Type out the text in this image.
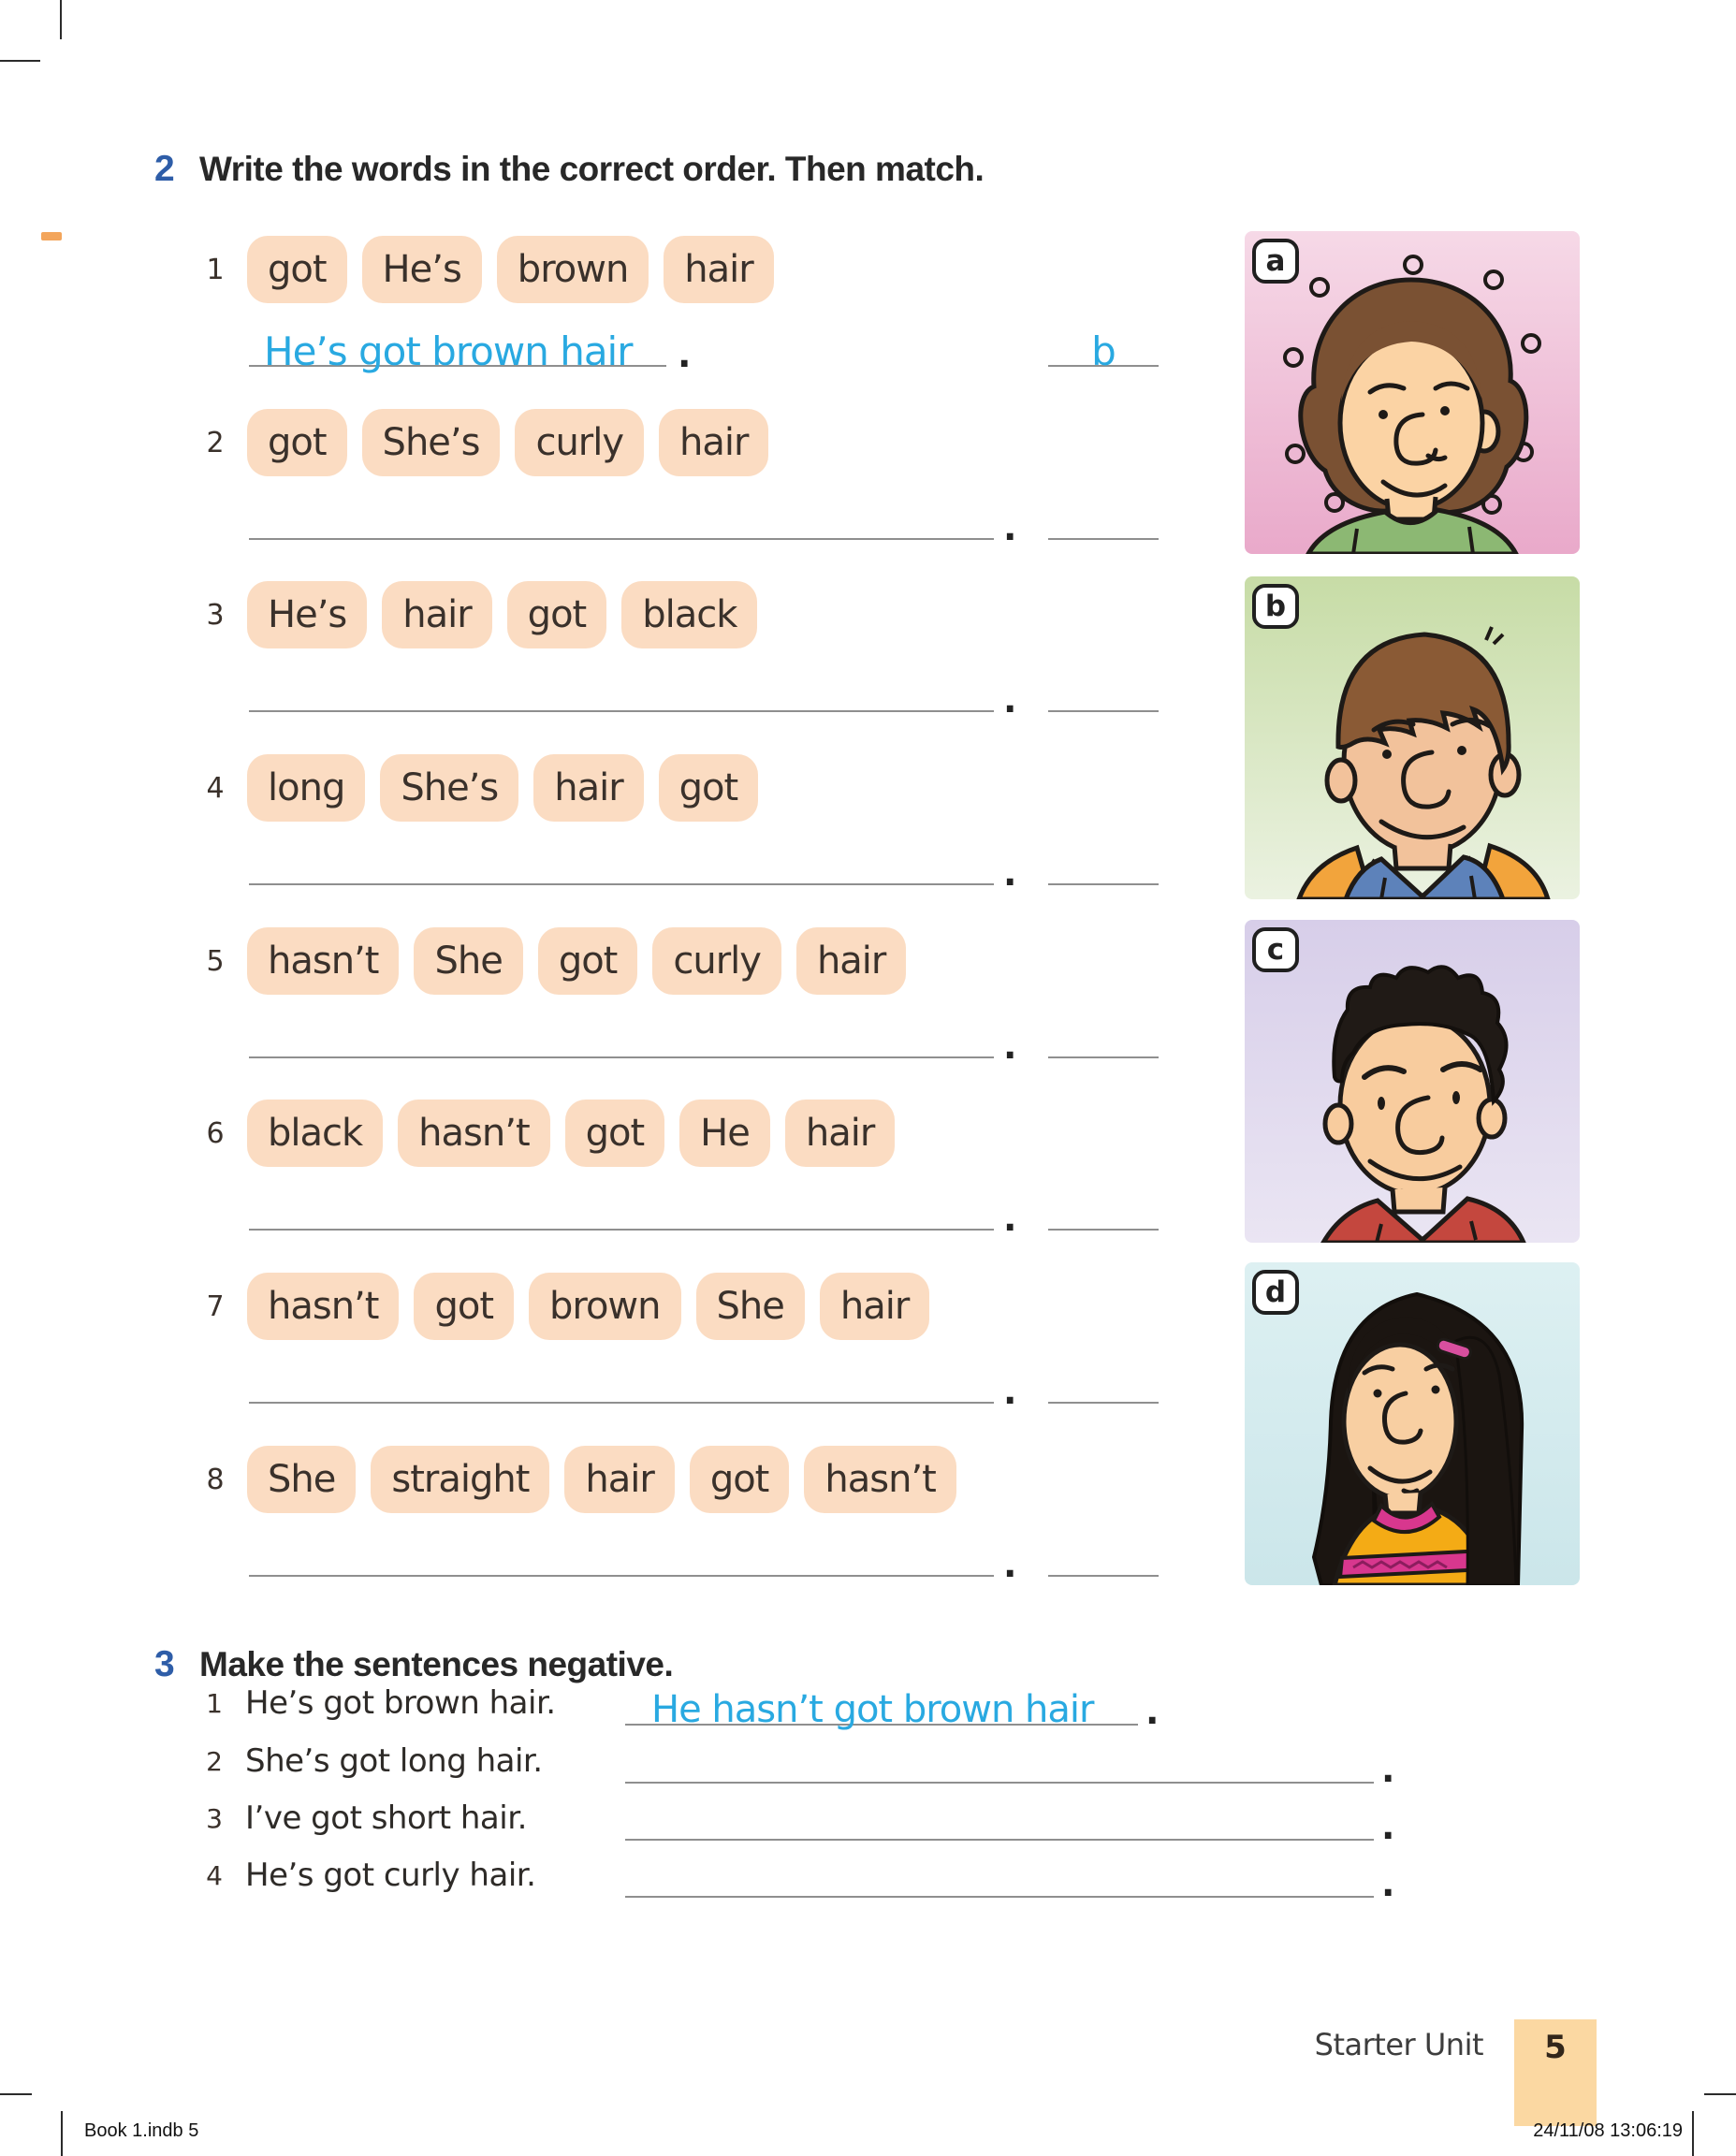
2 Write the words in the correct order. Then match.
1	got	He’s	brown	hair
He’s got brown hair .	b
2	got	She’s	curly	hair
.
3	He’s	hair	got	black
.
4	long	She’s	hair	got
.
5	hasn’t	She	got	curly	hair
.
6	black	hasn’t	got	He	hair
.
7	hasn’t	got	brown	She	hair
.
8	She	straight	hair	got	hasn’t
.
a
b
c
d
3 Make the sentences negative.
1 He’s got brown hair.	He hasn’t got brown hair .
2 She’s got long hair.	.
3 I’ve got short hair.	.
4 He’s got curly hair.	.
Starter Unit	5
Book 1.indb 5	24/11/08 13:06:19
